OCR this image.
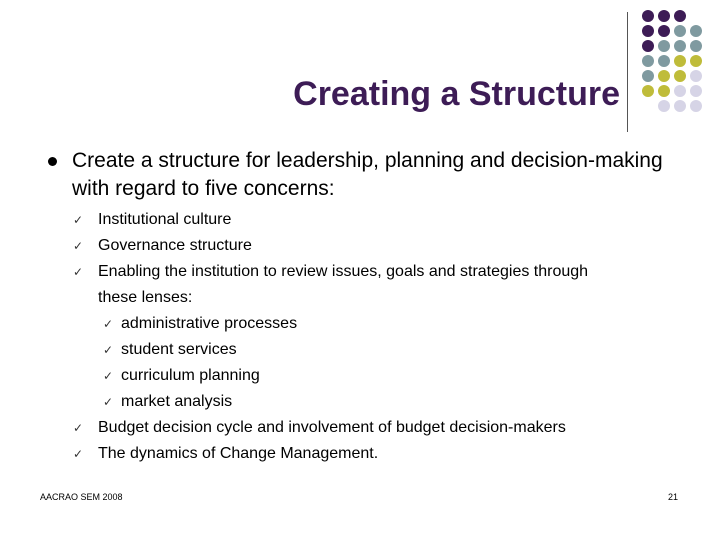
Creating a Structure
Create a structure for leadership, planning and decision-making with regard to five concerns:
✓ Institutional culture
✓ Governance structure
✓ Enabling the institution to review issues, goals and strategies through
these lenses:
✓ administrative processes
✓ student services
✓ curriculum planning
✓ market analysis
✓ Budget decision cycle and involvement of budget decision-makers
✓ The dynamics of Change Management.
AACRAO SEM 2008	21
